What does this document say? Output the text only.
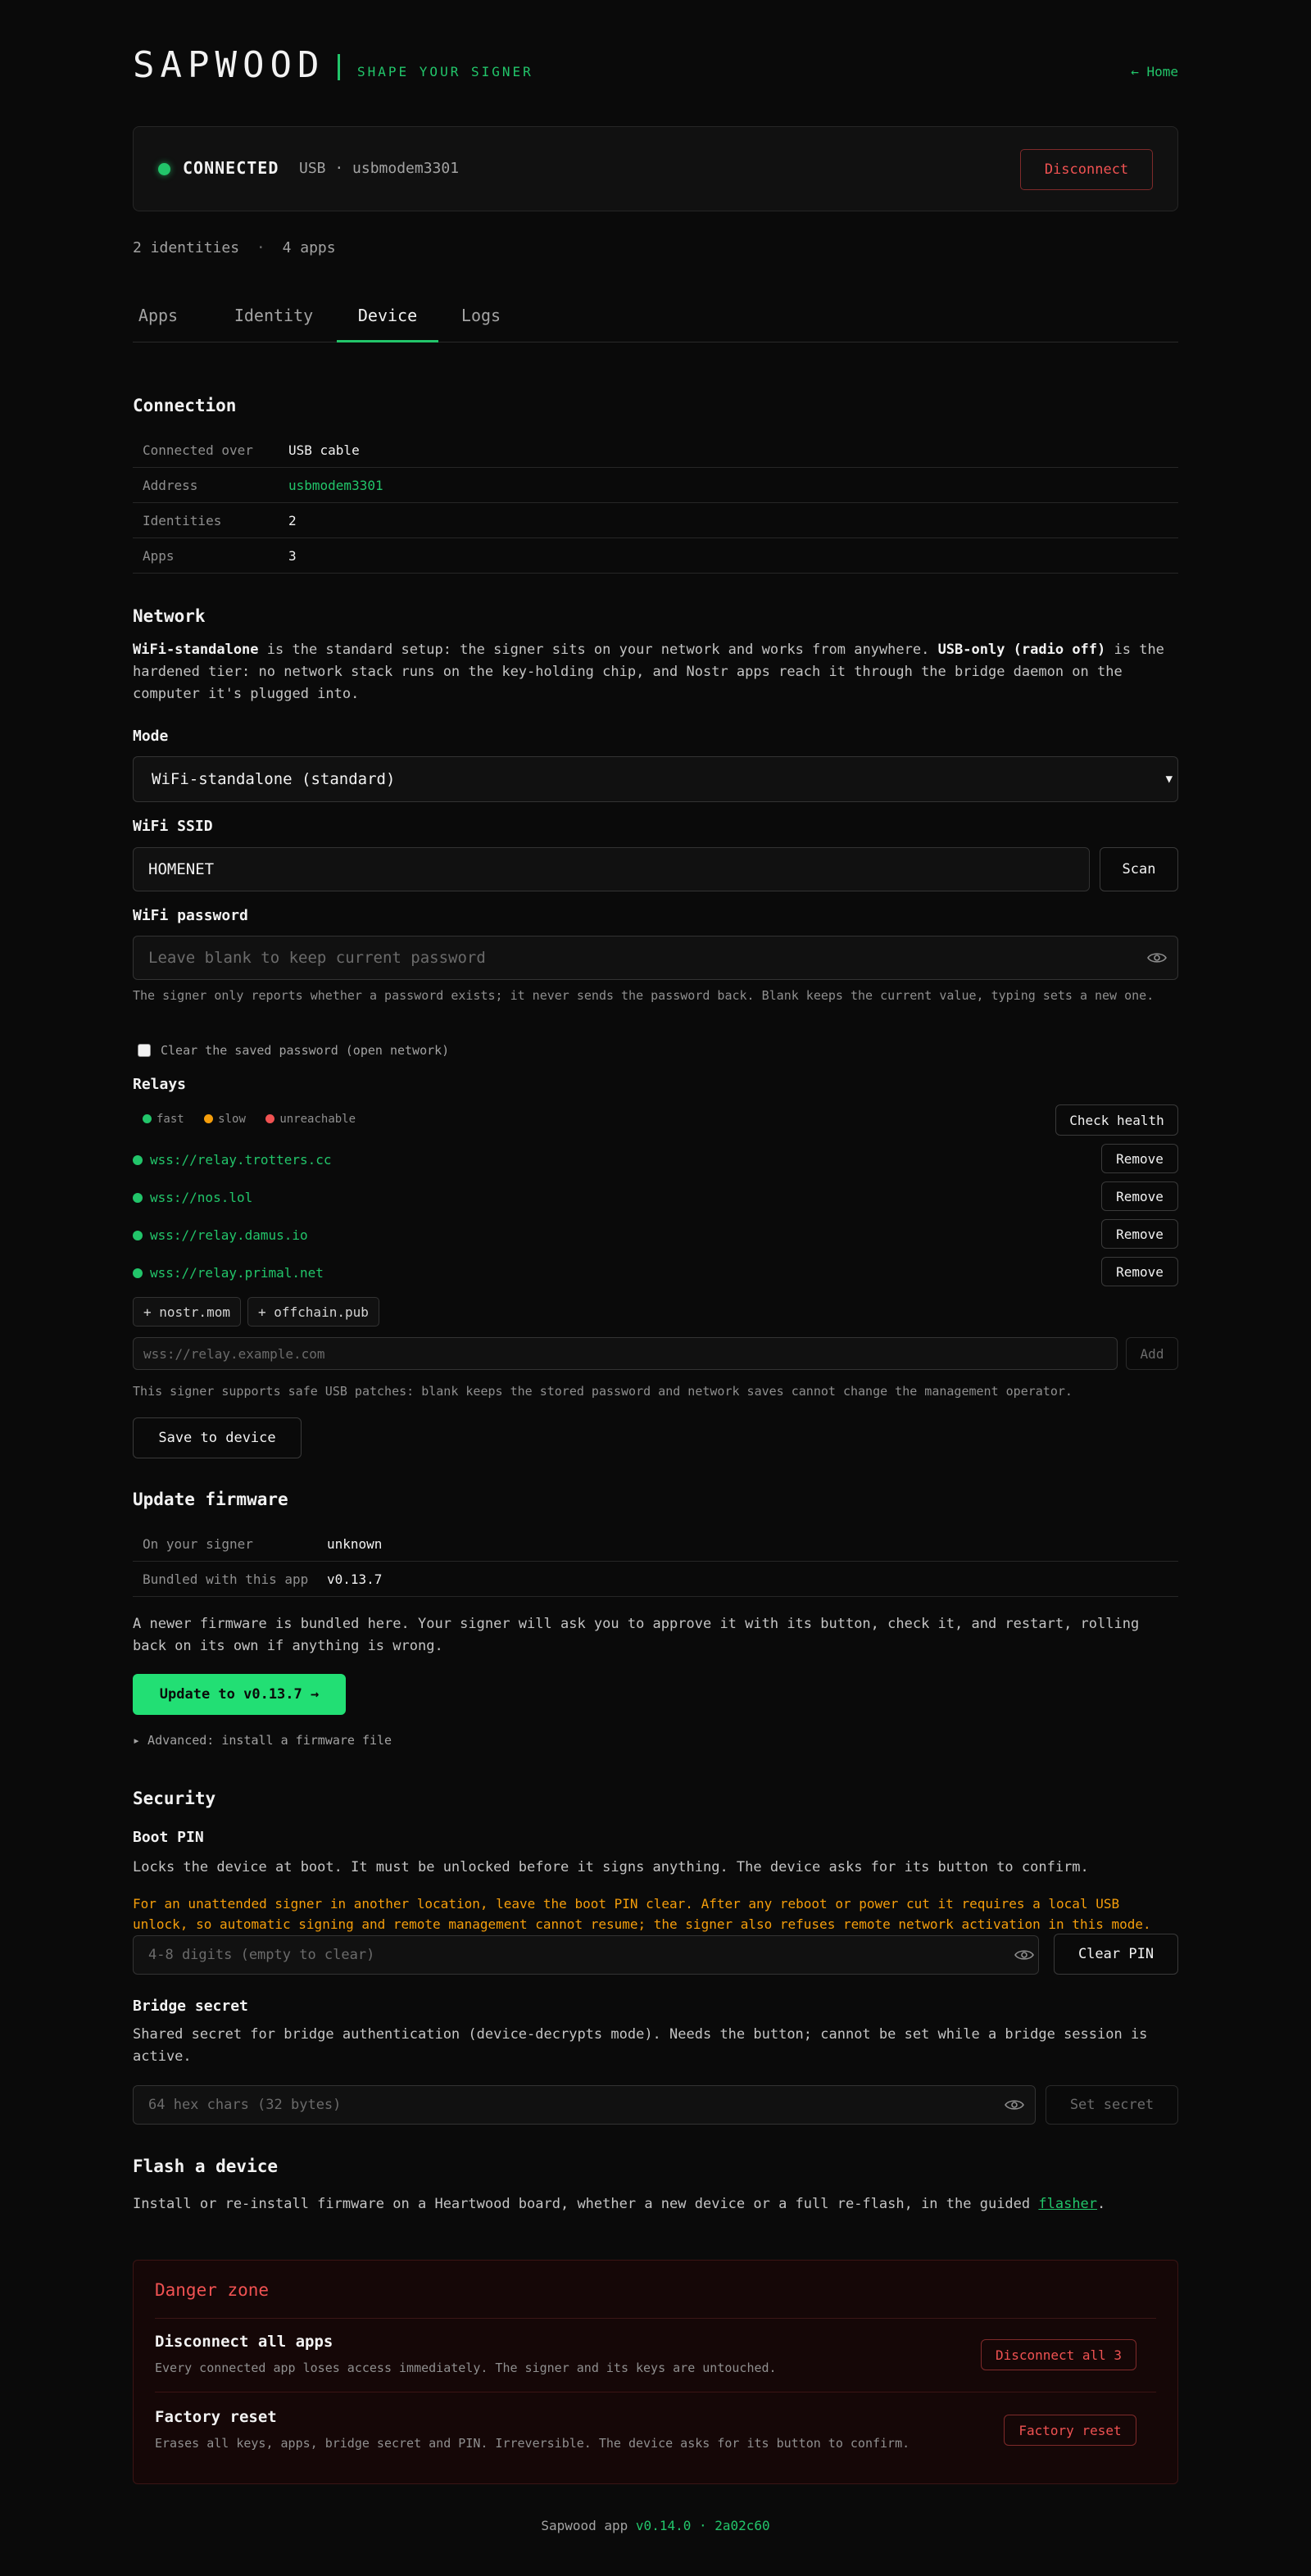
SAPWOOD SHAPE YOUR SIGNER	← Home
CONNECTED USB · usbmodem3301	Disconnect
2 identities · 4 apps
Apps	Identity	Device	Logs
Connection
Connected over	USB cable
Address	usbmodem3301
Identities	2
Apps	3
Network
WiFi-standalone is the standard setup: the signer sits on your network and works from anywhere. USB-only (radio off) is the hardened tier: no network stack runs on the key-holding chip, and Nostr apps reach it through the bridge daemon on the computer it's plugged into.
Mode
WiFi-standalone (standard)	▼
WiFi SSID
HOMENET
Scan
WiFi password
The signer only reports whether a password exists; it never sends the password back. Blank keeps the current value, typing sets a new one.
Clear the saved password (open network)
Relays
fast	slow	unreachable	Check health
wss://relay.trotters.cc	Remove
wss://nos.lol	Remove
wss://relay.damus.io	Remove
wss://relay.primal.net	Remove
+ nostr.mom	+ offchain.pub
wss://relay.example.com
Add
This signer supports safe USB patches: blank keeps the stored password and network saves cannot change the management operator.
Save to device
Update firmware
On your signer	unknown
Bundled with this app v0.13.7
A newer firmware is bundled here. Your signer will ask you to approve it with its button, check it, and restart, rolling back on its own if anything is wrong.
Update to v0.13.7 →
▸ Advanced: install a firmware file
Security
Boot PIN
Locks the device at boot. It must be unlocked before it signs anything. The device asks for its button to confirm.
For an unattended signer in another location, leave the boot PIN clear. After any reboot or power cut it requires a local USB unlock, so automatic signing and remote management cannot resume; the signer also refuses remote network activation in this mode.
Clear PIN
Bridge secret
Shared secret for bridge authentication (device-decrypts mode). Needs the button; cannot be set while a bridge session is active.
Set secret
Flash a device
Install or re-install firmware on a Heartwood board, whether a new device or a full re-flash, in the guided flasher.
Danger zone
Disconnect all apps
Every connected app loses access immediately. The signer and its keys are untouched.
Disconnect all 3
Factory reset
Erases all keys, apps, bridge secret and PIN. Irreversible. The device asks for its button to confirm.
Factory reset
Sapwood app v0.14.0 · 2a02c60
